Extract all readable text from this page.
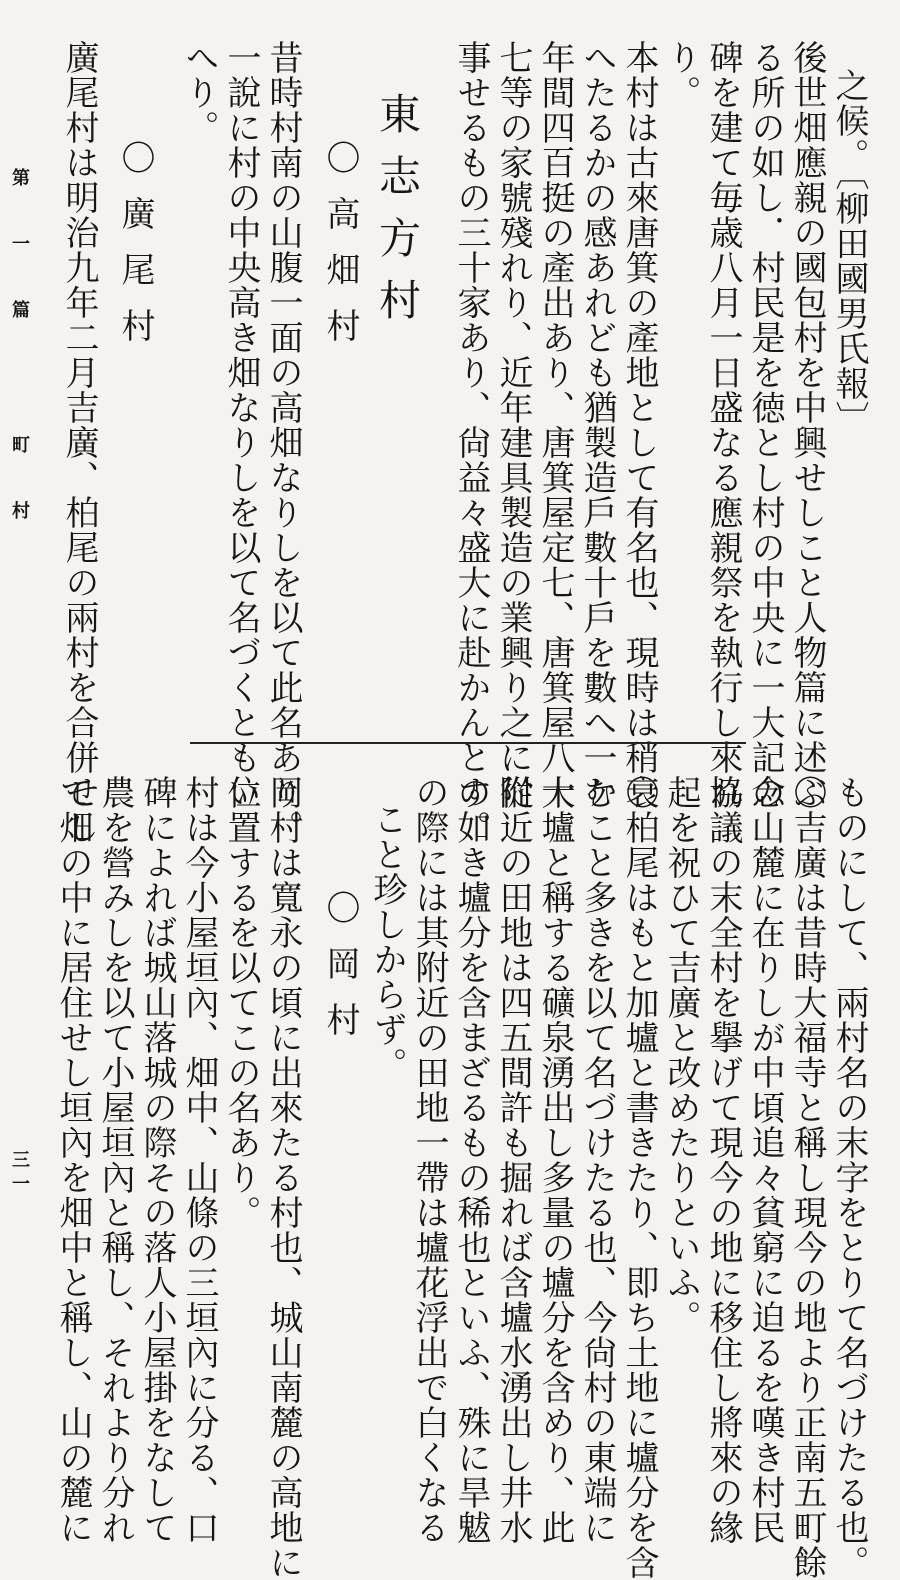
之候。〔柳田國男氏報〕
後世畑應親の國包村を中興せしこと人物篇に述ぶ
る所の如し．村民是を徳とし村の中央に一大記念
碑を建て毎歳八月一日盛なる應親祭を執行し來れ
り。
本村は古來唐箕の產地として有名也、現時は稍衰
へたるかの感あれども猶製造戶數十戶を數へ一ケ
年間四百挺の產出あり、唐箕屋定七、唐箕屋八十
七等の家號殘れり、近年建具製造の業興り之に從
事せるもの三十家あり、尙益々盛大に赴かんとす。
東志方村
〇高畑村
昔時村南の山腹一面の高畑なりしを以て此名あり。
一說に村の中央高き畑なりしを以て名づくともい
へり。
〇廣尾村
廣尾村は明治九年二月吉廣、柏尾の兩村を合併せし
ものにして、兩村名の末字をとりて名づけたる也。
〇吉廣は昔時大福寺と稱し現今の地より正南五町餘
の山麓に在りしが中頃追々貧窮に迫るを嘆き村民
協議の末全村を擧げて現今の地に移住し將來の緣
起を祝ひて吉廣と改めたりといふ。
〇柏尾はもと加壚と書きたり、即ち土地に壚分を含
むこと多きを以て名づけたる也、今尙村の東端に
大壚と稱する礦泉湧出し多量の壚分を含めり、此
附近の田地は四五間許も掘れば含壚水湧出し井水
の如き壚分を含まざるもの稀也といふ、殊に旱魃
の際には其附近の田地一帶は壚花浮出で白くなる
こと珍しからず。
〇岡村
岡村は寬永の頃に出來たる村也、城山南麓の高地に
位置するを以てこの名あり。
村は今小屋垣內、畑中、山條の三垣內に分る、口
碑によれば城山落城の際その落人小屋掛をなして
農を營みしを以て小屋垣內と稱し、それより分れ
て畑の中に居住せし垣內を畑中と稱し、山の麓に
第一篇 町村
三一
